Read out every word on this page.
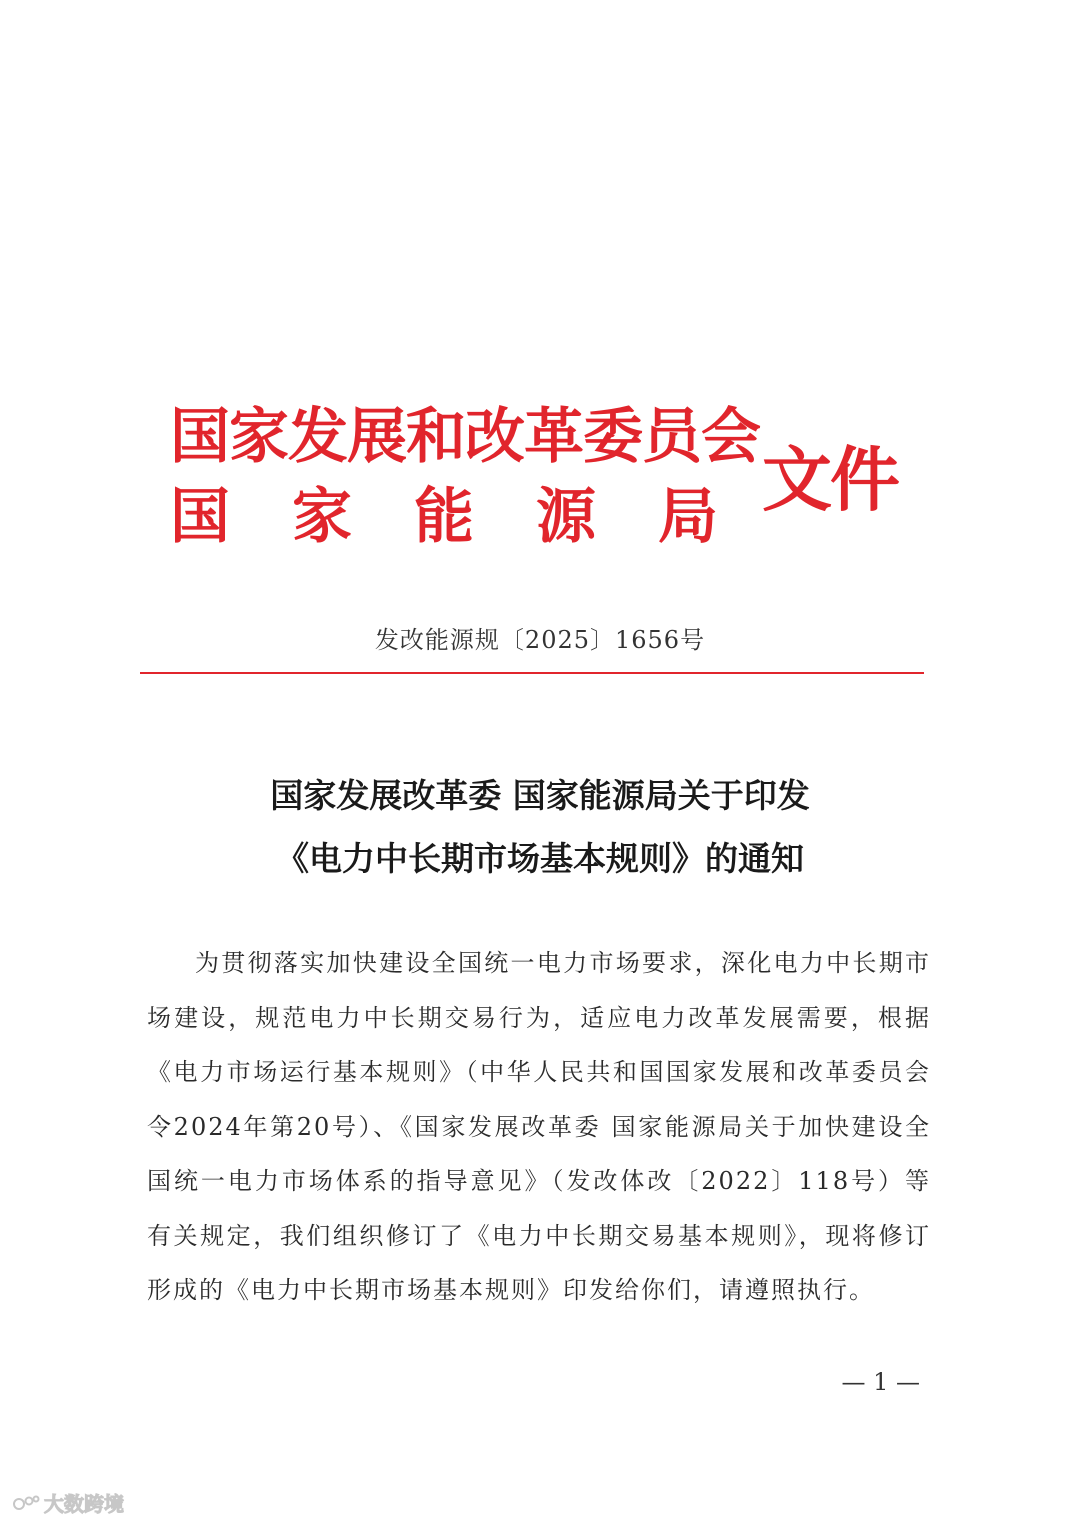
国家发展和改革委员会
国家能源局
文件
发改能源规〔2025〕1656号
国家发展改革委 国家能源局关于印发
《电力中长期市场基本规则》的通知
为贯彻落实加快建设全国统一电力市场要求，深化电力中长期市场建设，规范电力中长期交易行为，适应电力改革发展需要，根据《电力市场运行基本规则》（中华人民共和国国家发展和改革委员会令2024年第20号）、《国家发展改革委 国家能源局关于加快建设全国统一电力市场体系的指导意见》（发改体改〔2022〕118号）等有关规定，我们组织修订了《电力中长期交易基本规则》，现将修订形成的《电力中长期市场基本规则》印发给你们，请遵照执行。
— 1 —
大数跨境
